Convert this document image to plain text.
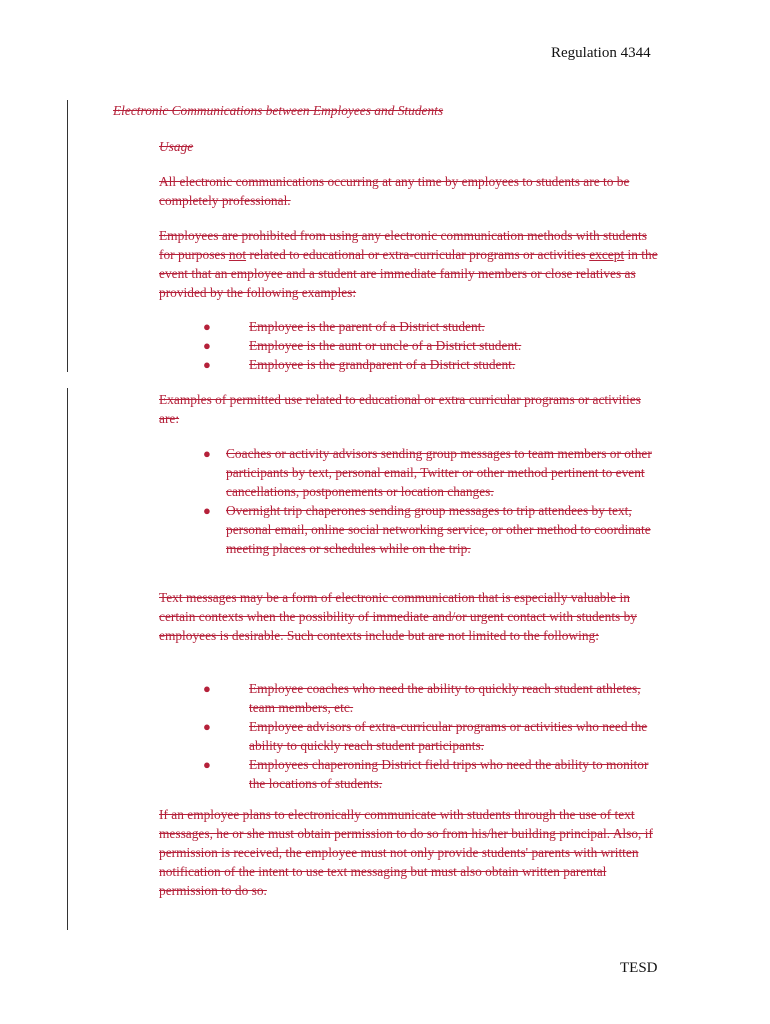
Regulation 4344
Electronic Communications between Employees and Students
Usage

All electronic communications occurring at any time by employees to students are to be completely professional.

Employees are prohibited from using any electronic communication methods with students for purposes not related to educational or extra-curricular programs or activities except in the event that an employee and a student are immediate family members or close relatives as provided by the following examples:

●	Employee is the parent of a District student.
●	Employee is the aunt or uncle of a District student.
●	Employee is the grandparent of a District student.

Examples of permitted use related to educational or extra curricular programs or activities are:

● Coaches or activity advisors sending group messages to team members or other participants by text, personal email, Twitter or other method pertinent to event cancellations, postponements or location changes.
● Overnight trip chaperones sending group messages to trip attendees by text, personal email, online social networking service, or other method to coordinate meeting places or schedules while on the trip.

Text messages may be a form of electronic communication that is especially valuable in certain contexts when the possibility of immediate and/or urgent contact with students by employees is desirable. Such contexts include but are not limited to the following:

●	Employee coaches who need the ability to quickly reach student athletes, team members, etc.
●	Employee advisors of extra-curricular programs or activities who need the ability to quickly reach student participants.
●	Employees chaperoning District field trips who need the ability to monitor the locations of students.

If an employee plans to electronically communicate with students through the use of text messages, he or she must obtain permission to do so from his/her building principal. Also, if permission is received, the employee must not only provide students' parents with written notification of the intent to use text messaging but must also obtain written parental permission to do so.

TESD
